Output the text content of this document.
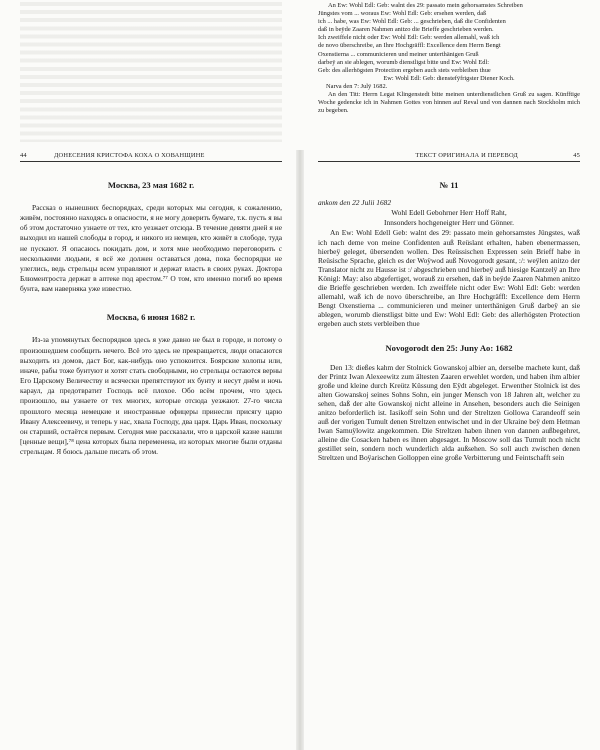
An Ew: Wohl Edl: Geb: walnt des 29: passato mein gehorsamstes Schreiben

Jüngstes vom ... woraus Ew: Wohl Edl: Geb: ersehen werden, daß

ich ... habe, was Ew: Wohl Edl: Geb: ... geschrieben, daß die Confidenten

daß in beÿde Zaaren Nahmen anitzo die Brieffe geschrieben werden.

Ich zweiffele nicht oder Ew: Wohl Edl: Geb: werden allemahl, waß ich

de novo überschreibe, an Ihre Hochgräffl: Excellence dem Herrn Bengt

Oxenstierna ... communicieren und meiner unterthänigen Gruß

darbeÿ an sie ablegen, worumb dienstligst bitte und Ew: Wohl Edl:

Geb: des allerhögsten Protection ergeben auch stets verbleiben thue

Ew: Wohl Edl: Geb: dienstefÿfrigster Diener Koch.

Narva den 7: Julÿ 1682.

An den Titt: Herrn Legat Klingenstedt bitte meinen unterdienstlichen Gruß zu sagen. Künfftige Woche gedencke ich in Nahmen Gottes von hinnen auf Reval und von dannen nach Stockholm mich zu begeben.

44	ДОНЕСЕНИЯ КРИСТОФА КОХА О ХОВАНЩИНЕ

Москва, 23 мая 1682 г.

Рассказ о нынешних беспорядках, среди которых мы сегодня, к сожалению, живём, постоянно находясь в опасности, я не могу доверить бумаге, т.к. пусть я вы об этом достаточно узнаете от тех, кто уезжает отсюда. В течение девяти дней я не выходил из нашей слободы в город, и никого из немцев, кто живёт в слободе, туда не пускают. Я опасаюсь покидать дом, и хотя мне необходимо переговорить с несколькими людьми, я всё же должен оставаться дома, пока беспорядки не улеглись, ведь стрельцы всем управляют и держат власть в своих руках. Доктора Блюментроста держат в аптеке под арестом.⁷⁷ О том, кто именно погиб во время бунта, вам наверняка уже известно.

Москва, 6 июня 1682 г.

Из-за упомянутых беспорядков здесь я уже давно не был в городе, и потому о произошедшем сообщить нечего. Всё это здесь не прекращается, люди опасаются выходить из домов, даст Бог, как-нибудь оно успокоится. Боярские холопы или, иначе, рабы тоже бунтуют и хотят стать свободными, но стрельцы остаются верны Его Царскому Величеству и всячески препятствуют их бунту и несут днём и ночь караул, да предотвратит Господь всё плохое. Обо всём прочем, что здесь произошло, вы узнаете от тех многих, которые отсюда уезжают. 27-го числа прошлого месяца немецкие и иностранные офицеры принесли присягу царю Ивану Алексеевичу, и теперь у нас, хвала Господу, два царя. Царь Иван, поскольку он старший, остаётся первым. Сегодня мне рассказали, что в царской казне нашли [ценные вещи],⁷⁸ цена которых была переменена, из которых многие были отданы стрельцам. Я боюсь дальше писать об этом.

ТЕКСТ ОРИГИНАЛА И ПЕРЕВОД	45

№ 11

ankom den 22 Julii 1682

Wohl Edell Gebohrner Herr Hoff Raht,

Innsonders hochgeneigter Herr und Gönner.

An Ew: Wohl Edell Geb: walnt des 29: passato mein gehorsamstes Jüngstes, waß ich nach deme von meine Confidenten auß Reüslant erhalten, haben ebenermassen, hierbeÿ geleget, übersenden wollen. Des Reüssischen Expressen sein Brieff habe in Reüsische Sprache, gleich es der Woÿwod auß Novogorodt gesant, :/: weÿlen anitzo der Translator nicht zu Hausse ist :/ abgeschrieben und hierbeÿ auß hiesige Kantzelÿ an Ihre Königl: May: also abgefertiget, worauß zu ersehen, daß in beÿde Zaaren Nahmen anitzo die Brieffe geschrieben werden. Ich zweiffele nicht oder Ew: Wohl Edl: Geb: werden allemahl, waß ich de novo überschreibe, an Ihre Hochgräffl: Excellence dem Herrn Bengt Oxenstierna ... communicieren und meiner unterthänigen Gruß darbeÿ an sie ablegen, worumb dienstligst bitte und Ew: Wohl Edl: Geb: des allerhögsten Protection ergeben auch stets verbleiben thue

Novogorodt den 25: Juny Ao: 1682

Den 13: dießes kahm der Stolnick Gowanskoj albier an, derselbe machete kunt, daß der Printz Iwan Alexeewitz zum ältesten Zaaren erwehlet worden, und haben ihm albier große und kleine durch Kreütz Küssung den Eÿdt abgeleget. Erwenther Stolnick ist des alten Gowanskoj seines Sohns Sohn, ein junger Mensch von 18 Jahren alt, welcher zu sehen, daß der alte Gowanskoj nicht alleine in Ansehen, besonders auch die Seinigen anitzo beforderlich ist. Iasikoff sein Sohn und der Streltzen Gollowa Carandeoff sein auß der vorigen Tumult denen Streltzen entwischet und in der Ukraine beÿ dem Hetman Iwan Samuÿlowitz angekommen. Die Streltzen haben ihnen von dannen außbegehret, alleine die Cosacken haben es ihnen abgesaget. In Moscow soll das Tumult noch nicht gestillet sein, sondern noch wunderlich alda außsehen. So soll auch zwischen denen Streltzen und Boÿarischen Golloppen eine große Verbitterung und Feintschafft sein
